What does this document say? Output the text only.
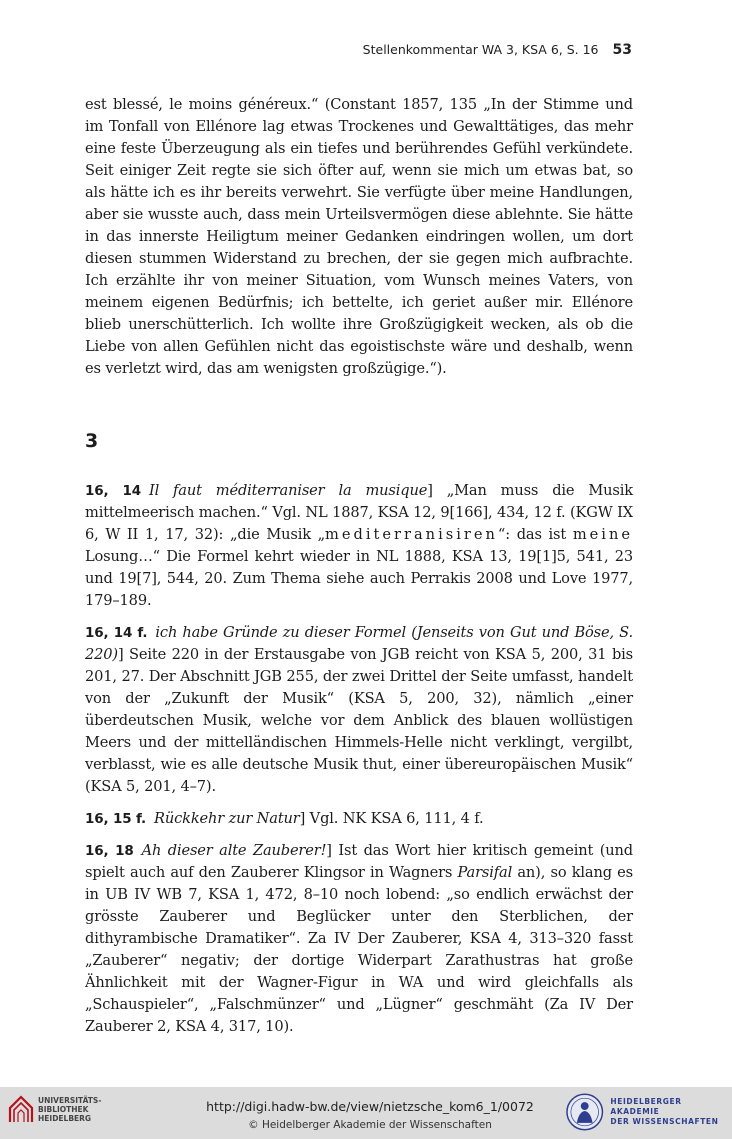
Stellenkommentar WA 3, KSA 6, S. 16 53
est blessé, le moins généreux.“ (Constant 1857, 135 „In der Stimme und im Tonfall von Ellénore lag etwas Trockenes und Gewalttätiges, das mehr eine feste Überzeugung als ein tiefes und berührendes Gefühl verkündete. Seit einiger Zeit regte sie sich öfter auf, wenn sie mich um etwas bat, so als hätte ich es ihr bereits verwehrt. Sie verfügte über meine Handlungen, aber sie wusste auch, dass mein Urteilsvermögen diese ablehnte. Sie hätte in das innerste Heiligtum meiner Gedanken eindringen wollen, um dort diesen stummen Widerstand zu brechen, der sie gegen mich aufbrachte. Ich erzählte ihr von meiner Situation, vom Wunsch meines Vaters, von meinem eigenen Bedürfnis; ich bettelte, ich geriet außer mir. Ellénore blieb unerschütterlich. Ich wollte ihre Großzügigkeit wecken, als ob die Liebe von allen Gefühlen nicht das egoistischste wäre und deshalb, wenn es verletzt wird, das am wenigsten großzügige.“).
3

16, 14 Il faut méditerraniser la musique] „Man muss die Musik mittelmeerisch machen.“ Vgl. NL 1887, KSA 12, 9[166], 434, 12 f. (KGW IX 6, W II 1, 17, 32): „die Musik „mediterranisiren“: das ist meine Losung…“ Die Formel kehrt wieder in NL 1888, KSA 13, 19[1]5, 541, 23 und 19[7], 544, 20. Zum Thema siehe auch Perrakis 2008 und Love 1977, 179–189.

16, 14 f. ich habe Gründe zu dieser Formel (Jenseits von Gut und Böse, S. 220)] Seite 220 in der Erstausgabe von JGB reicht von KSA 5, 200, 31 bis 201, 27. Der Abschnitt JGB 255, der zwei Drittel der Seite umfasst, handelt von der „Zukunft der Musik“ (KSA 5, 200, 32), nämlich „einer überdeutschen Musik, welche vor dem Anblick des blauen wollüstigen Meers und der mittelländischen Himmels-Helle nicht verklingt, vergilbt, verblasst, wie es alle deutsche Musik thut, einer übereuropäischen Musik“ (KSA 5, 201, 4–7).

16, 15 f. Rückkehr zur Natur] Vgl. NK KSA 6, 111, 4 f.

16, 18 Ah dieser alte Zauberer!] Ist das Wort hier kritisch gemeint (und spielt auch auf den Zauberer Klingsor in Wagners Parsifal an), so klang es in UB IV WB 7, KSA 1, 472, 8–10 noch lobend: „so endlich erwächst der grösste Zauberer und Beglücker unter den Sterblichen, der dithyrambische Dramatiker“. Za IV Der Zauberer, KSA 4, 313–320 fasst „Zauberer“ negativ; der dortige Widerpart Zarathustras hat große Ähnlichkeit mit der Wagner-Figur in WA und wird gleichfalls als „Schauspieler“, „Falschmünzer“ und „Lügner“ geschmäht (Za IV Der Zauberer 2, KSA 4, 317, 10).

UNIVERSITÄTS-
BIBLIOTHEK
HEIDELBERG
http://digi.hadw-bw.de/view/nietzsche_kom6_1/0072
© Heidelberger Akademie der Wissenschaften
HEIDELBERGER AKADEMIE
DER WISSENSCHAFTEN
